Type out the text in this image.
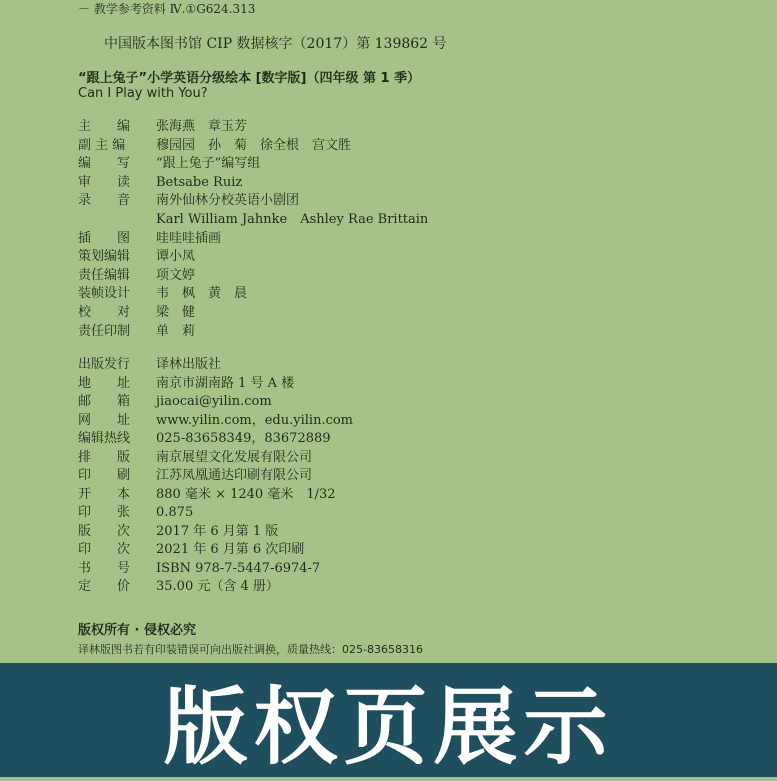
－ 教学参考资料 Ⅳ.①G624.313
中国版本图书馆 CIP 数据核字（2017）第 139862 号
“跟上兔子”小学英语分级绘本 [数字版]（四年级 第 1 季）
Can I Play with You?
主　　编	张海燕　章玉芳
副 主 编	穆园园　孙　菊　徐全根　宫文胜
编　　写	“跟上兔子”编写组
审　　读	Betsabe Ruiz
录　　音	南外仙林分校英语小剧团
Karl William Jahnke　Ashley Rae Brittain
插　　图	哇哇哇插画
策划编辑	谭小凤
责任编辑	项文婷
装帧设计	韦　枫　黄　晨
校　　对	梁　健
责任印制	单　莉
出版发行	译林出版社
地　　址	南京市湖南路 1 号 A 楼
邮　　箱	jiaocai@yilin.com
网　　址	www.yilin.com，edu.yilin.com
编辑热线	025-83658349，83672889
排　　版	南京展望文化发展有限公司
印　　刷	江苏凤凰通达印刷有限公司
开　　本	880 毫米 × 1240 毫米　1/32
印　　张	0.875
版　　次	2017 年 6 月第 1 版
印　　次	2021 年 6 月第 6 次印刷
书　　号	ISBN 978-7-5447-6974-7
定　　价	35.00 元（含 4 册）
版权所有 · 侵权必究
译林版图书若有印装错误可向出版社调换，质量热线：025-83658316
版权页展示
